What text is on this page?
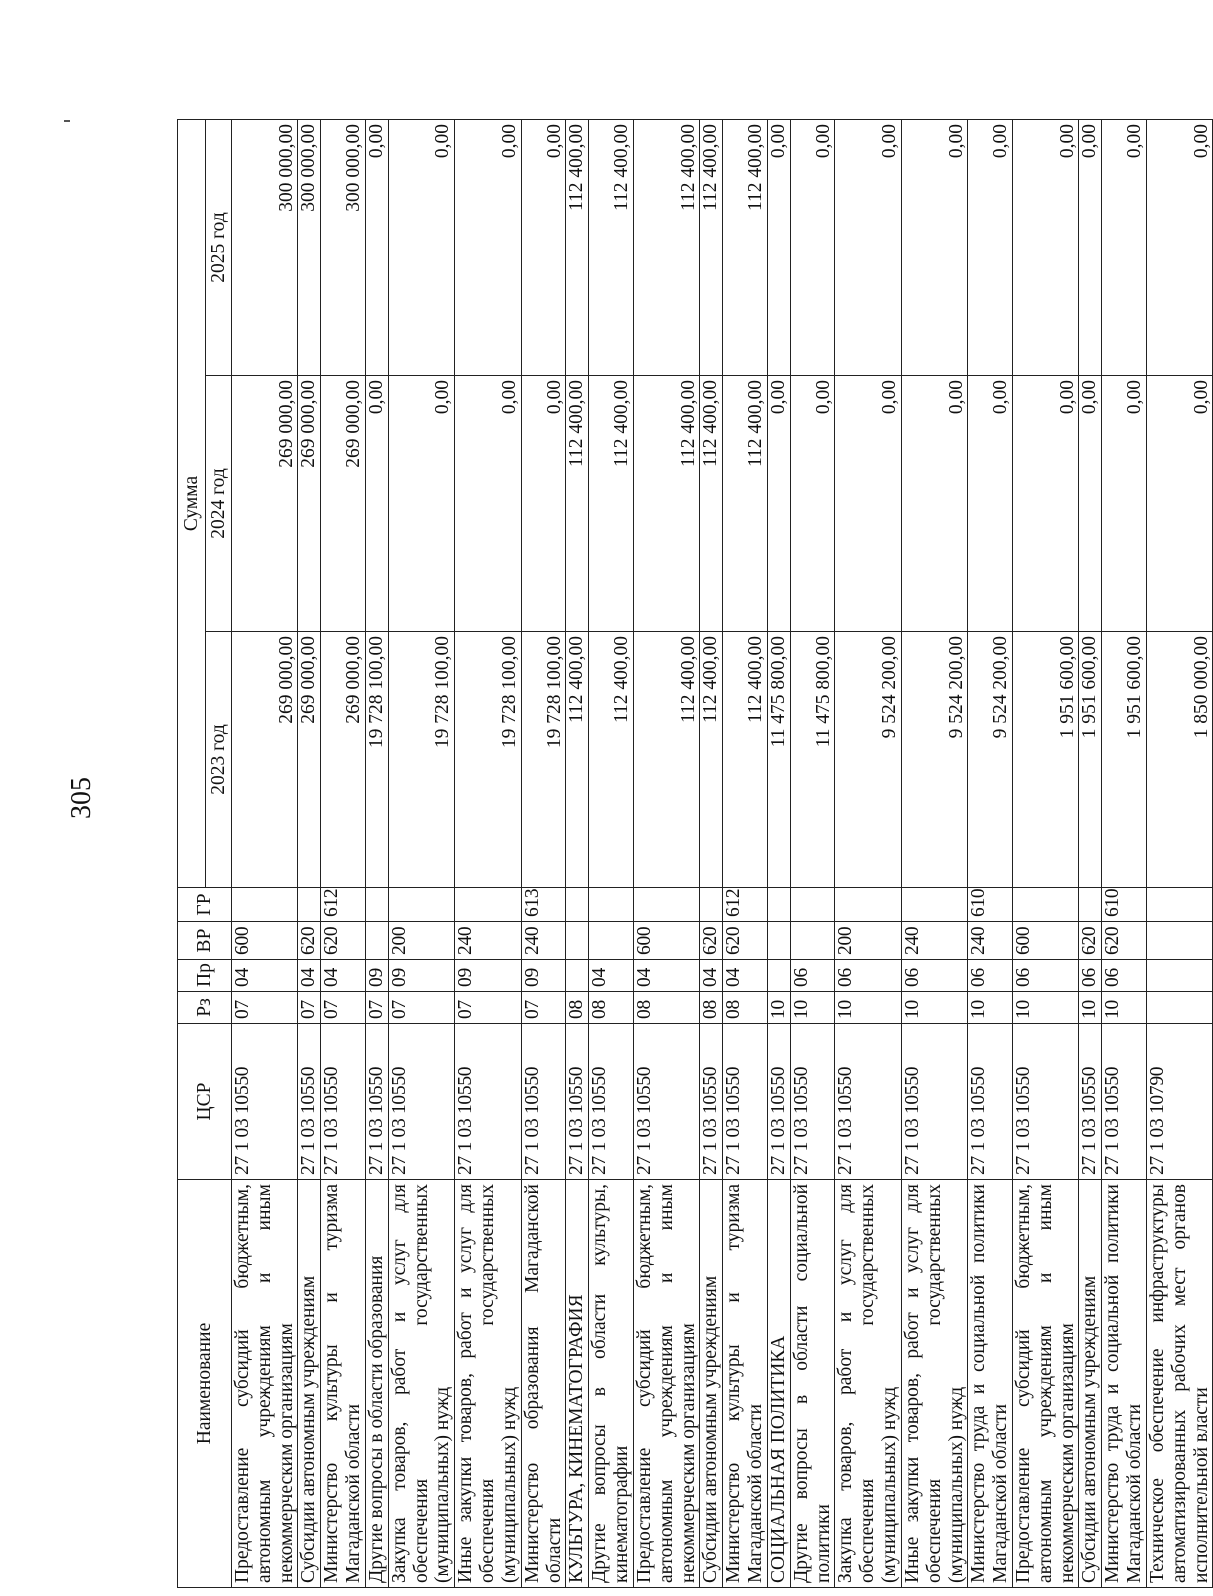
305
Наименование	ЦСР	Рз	Пр	ВР	ГР	Сумма		
						2023 год	2024 год	2025 год
Предоставление субсидий бюджетным, автономным учреждениям и иным некоммерческим организациям	27 1 03 10550	07	04	600		269 000,00	269 000,00	300 000,00
Субсидии автономным учреждениям	27 1 03 10550	07	04	620		269 000,00	269 000,00	300 000,00
Министерство культуры и туризма Магаданской области	27 1 03 10550	07	04	620	612	269 000,00	269 000,00	300 000,00
Другие вопросы в области образования	27 1 03 10550	07	09			19 728 100,00	0,00	0,00
Закупка товаров, работ и услуг для обеспечения государственных (муниципальных) нужд	27 1 03 10550	07	09	200		19 728 100,00	0,00	0,00
Иные закупки товаров, работ и услуг для обеспечения государственных (муниципальных) нужд	27 1 03 10550	07	09	240		19 728 100,00	0,00	0,00
Министерство образования Магаданской области	27 1 03 10550	07	09	240	613	19 728 100,00	0,00	0,00
КУЛЬТУРА, КИНЕМАТОГРАФИЯ	27 1 03 10550	08				112 400,00	112 400,00	112 400,00
Другие вопросы в области культуры, кинематографии	27 1 03 10550	08	04			112 400,00	112 400,00	112 400,00
Предоставление субсидий бюджетным, автономным учреждениям и иным некоммерческим организациям	27 1 03 10550	08	04	600		112 400,00	112 400,00	112 400,00
Субсидии автономным учреждениям	27 1 03 10550	08	04	620		112 400,00	112 400,00	112 400,00
Министерство культуры и туризма Магаданской области	27 1 03 10550	08	04	620	612	112 400,00	112 400,00	112 400,00
СОЦИАЛЬНАЯ ПОЛИТИКА	27 1 03 10550	10				11 475 800,00	0,00	0,00
Другие вопросы в области социальной политики	27 1 03 10550	10	06			11 475 800,00	0,00	0,00
Закупка товаров, работ и услуг для обеспечения государственных (муниципальных) нужд	27 1 03 10550	10	06	200		9 524 200,00	0,00	0,00
Иные закупки товаров, работ и услуг для обеспечения государственных (муниципальных) нужд	27 1 03 10550	10	06	240		9 524 200,00	0,00	0,00
Министерство труда и социальной политики Магаданской области	27 1 03 10550	10	06	240	610	9 524 200,00	0,00	0,00
Предоставление субсидий бюджетным, автономным учреждениям и иным некоммерческим организациям	27 1 03 10550	10	06	600		1 951 600,00	0,00	0,00
Субсидии автономным учреждениям	27 1 03 10550	10	06	620		1 951 600,00	0,00	0,00
Министерство труда и социальной политики Магаданской области	27 1 03 10550	10	06	620	610	1 951 600,00	0,00	0,00
Техническое обеспечение инфраструктуры автоматизированных рабочих мест органов исполнительной власти	27 1 03 10790					1 850 000,00	0,00	0,00
